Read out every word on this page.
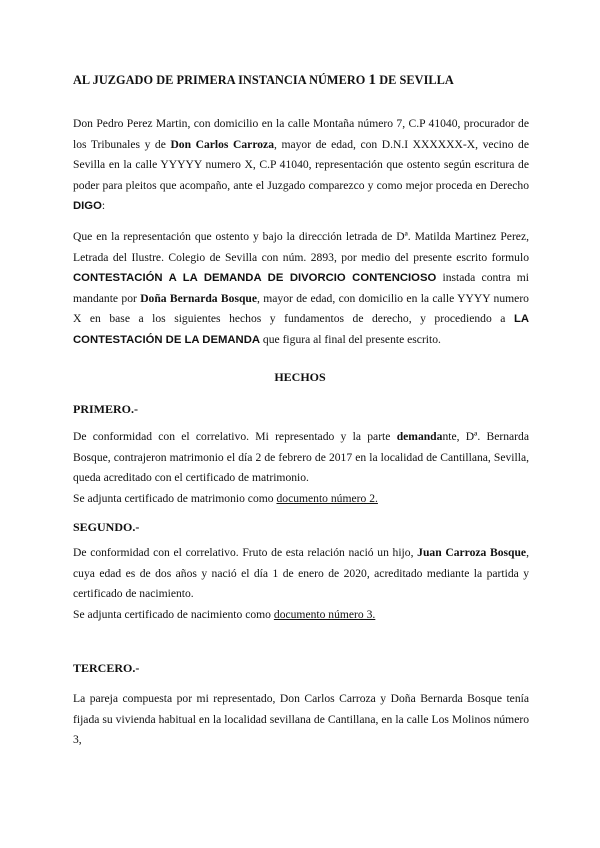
AL JUZGADO DE PRIMERA INSTANCIA NÚMERO 1 DE SEVILLA

Don Pedro Perez Martin, con domicilio en la calle Montaña número 7, C.P 41040, procurador de los Tribunales y de Don Carlos Carroza, mayor de edad, con D.N.I XXXXXX-X, vecino de Sevilla en la calle YYYYY numero X, C.P 41040, representación que ostento según escritura de poder para pleitos que acompaño, ante el Juzgado comparezco y como mejor proceda en Derecho DIGO:

Que en la representación que ostento y bajo la dirección letrada de Dª. Matilda Martinez Perez, Letrada del Ilustre. Colegio de Sevilla con núm. 2893, por medio del presente escrito formulo CONTESTACIÓN A LA DEMANDA DE DIVORCIO CONTENCIOSO instada contra mi mandante por Doña Bernarda Bosque, mayor de edad, con domicilio en la calle YYYY numero X en base a los siguientes hechos y fundamentos de derecho, y procediendo a LA CONTESTACIÓN DE LA DEMANDA que figura al final del presente escrito.

HECHOS
PRIMERO.-

De conformidad con el correlativo. Mi representado y la parte demandante, Dª. Bernarda Bosque, contrajeron matrimonio el día 2 de febrero de 2017 en la localidad de Cantillana, Sevilla, queda acreditado con el certificado de matrimonio.

Se adjunta certificado de matrimonio como documento número 2.

SEGUNDO.-

De conformidad con el correlativo. Fruto de esta relación nació un hijo, Juan Carroza Bosque, cuya edad es de dos años y nació el día 1 de enero de 2020, acreditado mediante la partida y certificado de nacimiento.

Se adjunta certificado de nacimiento como documento número 3.

TERCERO.-

La pareja compuesta por mi representado, Don Carlos Carroza y Doña Bernarda Bosque tenía fijada su vivienda habitual en la localidad sevillana de Cantillana, en la calle Los Molinos número 3,
